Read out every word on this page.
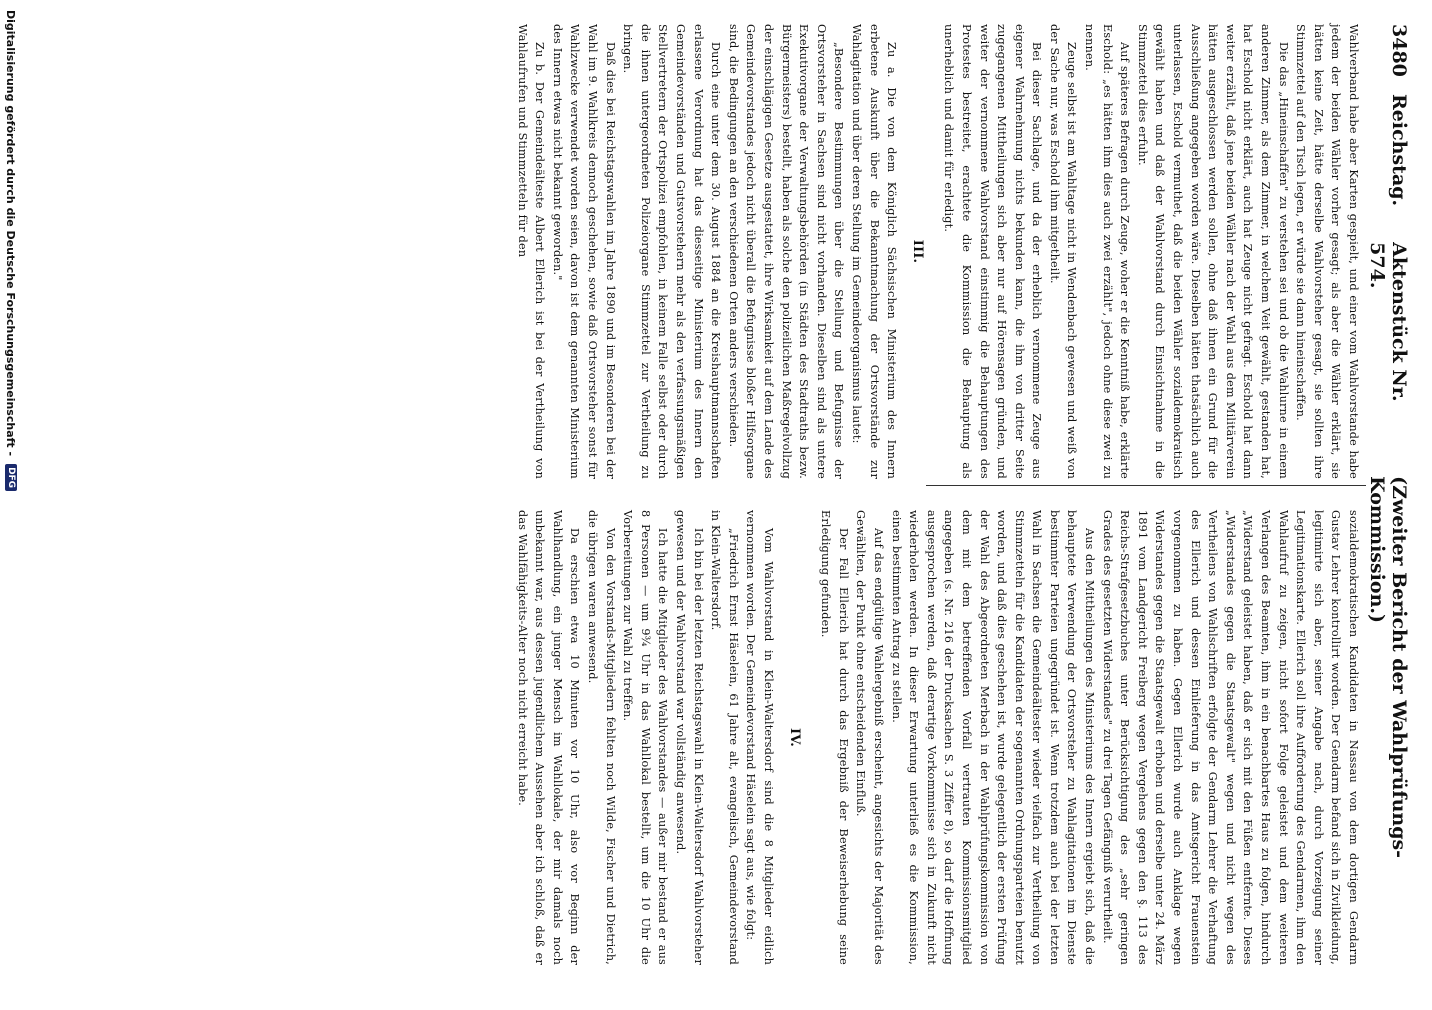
3480
Reichstag.
Aktenstück Nr. 574.
(Zweiter Bericht der Wahlprüfungs-Kommission.)

Wahlverband habe aber Karten gespielt, und einer vom Wahlvorstande habe jedem der beiden Wähler vorher gesagt; als aber die Wähler erklärt, sie hätten keine Zeit, hätte derselbe Wahlvorsteher gesagt, sie sollten ihre Stimmzettel auf den Tisch legen, er würde sie dann hineinschaffen.

Die das „Hineinschaffen" zu verstehen sei und ob die Wahlurne in einem anderen Zimmer, als dem Zimmer, in welchem Veit gewählt, gestanden hat, hat Eschold nicht erklärt, auch hat Zeuge nicht gefragt. Eschold hat dann weiter erzählt, daß jene beiden Wähler nach der Wahl aus dem Militärverein hätten ausgeschlossen werden sollen, ohne daß ihnen ein Grund für die Ausschließung angegeben worden wäre. Dieselben hätten thatsächlich auch unterlassen, Eschold vermuthet, daß die beiden Wähler sozialdemokratisch gewählt haben und daß der Wahlvorstand durch Einsichtnahme in die Stimmzettel dies erfuhr.

Auf späteres Befragen durch Zeuge, woher er die Kenntniß habe, erklärte Eschold: „es hätten ihm dies auch zwei erzählt", jedoch ohne diese zwei zu nennen.

Zeuge selbst ist am Wahltage nicht in Wendenbach gewesen und weiß von der Sache nur, was Eschold ihm mitgetheilt.

Bei dieser Sachlage, und da der erheblich vernommene Zeuge aus eigener Wahrnehmung nichts bekunden kann, die ihm von dritter Seite zugegangenen Mittheilungen sich aber nur auf Hörensagen gründen, und weiter der vernommene Wahlvorstand einstimmig die Behauptungen des Protestes bestreitet, erachtete die Kommission die Behauptung als unerheblich und damit für erledigt.

III.

Zu a. Die von dem Königlich Sächsischen Ministerium des Innern erbetene Auskunft über die Bekanntmachung der Ortsvorstände zur Wahlagitation und über deren Stellung im Gemeindeorganismus lautet:

„Besondere Bestimmungen über die Stellung und Befugnisse der Ortsvorsteher in Sachsen sind nicht vorhanden. Dieselben sind als untere Exekutivorgane der Verwaltungsbehörden (in Städten des Stadtraths bezw. Bürgermeisters) bestellt, haben als solche den polizeilichen Maßregelvollzug der einschlägigen Gesetze ausgestattet, ihre Wirksamkeit auf dem Lande des Gemeindevorstandes jedoch nicht überall die Befugnisse bloßer Hilfsorgane sind, die Bedingungen an den verschiedenen Orten anders verschieden.

Durch eine unter dem 30. August 1884 an die Kreishauptmannschaften erlassene Verordnung hat das diesseitige Ministerium des Innern den Gemeindevorständen und Gutsvorstehern mehr als den verfassungsmäßigen Stellvertretern der Ortspolizei empfohlen, in keinem Falle selbst oder durch die ihnen untergeordneten Polizeiorgane Stimmzettel zur Vertheilung zu bringen.

Daß dies bei Reichstagswahlen im Jahre 1890 und im Besonderen bei der Wahl im 9. Wahlkreis dennoch geschehen, sowie daß Ortsvorsteher sonst für Wahlzwecke verwendet worden seien, davon ist dem genannten Ministerium des Innern etwas nicht bekannt geworden."

Zu b. Der Gemeindeälteste Albert Ellerich ist bei der Vertheilung von Wahlaufrufen und Stimmzetteln für den

sozialdemokratischen Kandidaten in Nassau von dem dortigen Gendarm Gustav Lehrer kontrollirt worden. Der Gendarm befand sich in Zivilkleidung, legitimirte sich aber, seiner Angabe nach, durch Vorzeigung seiner Legitimationskarte. Ellerich soll ihre Aufforderung des Gendarmen, ihm den Wahlaufruf zu zeigen, nicht sofort Folge geleistet und dem weiteren Verlangen des Beamten, ihm in ein benachbartes Haus zu folgen, hindurch „Widerstand geleistet haben, daß er sich mit den Füßen entfernte. Dieses „Widerstandes gegen die Staatsgewalt" wegen und nicht wegen des Vertheilens von Wahlschriften erfolgte der Gendarm Lehrer die Verhaftung des Ellerich und dessen Einlieferung in das Amtsgericht Frauenstein vorgenommen zu haben. Gegen Ellerich wurde auch Anklage wegen Widerstandes gegen die Staatsgewalt erhoben und derselbe unter 24. März 1891 vom Landgericht Freiberg wegen Vergehens gegen den §. 113 des Reichs-Strafgesetzbuches unter Berücksichtigung des „sehr geringen Grades des gesetzten Widerstandes" zu drei Tagen Gefängniß verurtheilt.

Aus den Mittheilungen des Ministeriums des Innern ergiebt sich, daß die behauptete Verwendung der Ortsvorsteher zu Wahlagitationen im Dienste bestimmter Parteien ungegründet ist. Wenn trotzdem auch bei der letzten Wahl in Sachsen die Gemeindeältester wieder vielfach zur Vertheilung von Stimmzetteln für die Kandidaten der sogenannten Ordnungsparteien benutzt worden, und daß dies geschehen ist, wurde gelegentlich der ersten Prüfung der Wahl des Abgeordneten Merbach in der Wahlprüfungskommission von dem mit dem betreffenden Vorfall vertrauten Kommissionsmitglied angegeben (s. Nr. 216 der Drucksachen S. 3 Ziffer 8), so darf die Hoffnung ausgesprochen werden, daß derartige Vorkommnisse sich in Zukunft nicht wiederholen werden. In dieser Erwartung unterließ es die Kommission, einen bestimmten Antrag zu stellen.

Auf das endgültige Wahlergebniß erscheint, angesichts der Majorität des Gewählten, der Punkt ohne entscheidenden Einfluß.

Der Fall Ellerich hat durch das Ergebniß der Beweiserhebung seine Erledigung gefunden.

IV.

Vom Wahlvorstand in Klein-Waltersdorf sind die 8 Mitglieder eidlich vernommen worden. Der Gemeindevorstand Häselein sagt aus, wie folgt:

„Friedrich Ernst Häselein, 61 Jahre alt, evangelisch, Gemeindevorstand in Klein-Waltersdorf.

Ich bin bei der letzten Reichstagswahl in Klein-Waltersdorf Wahlvorsteher gewesen und der Wahlvorstand war vollständig anwesend.

Ich hatte die Mitglieder des Wahlvorstandes — außer mir bestand er aus 8 Personen — um 9¾ Uhr in das Wahllokal bestellt, um die 10 Uhr die Vorbereitungen zur Wahl zu treffen.

Von den Vorstands-Mitgliedern fehlten noch Wilde, Fischer und Dietrich, die übrigen waren anwesend.

Da erschien etwa 10 Minuten vor 10 Uhr, also vor Beginn der Wahlhandlung, ein junger Mensch im Wahllokale, der mir damals noch unbekannt war, aus dessen jugendlichem Aussehen aber ich schloß, daß er das Wahlfähigkeits-Alter noch nicht erreicht habe.

Digitalisierung gefördert durch die Deutsche Forschungsgemeinschaft -
DFG
